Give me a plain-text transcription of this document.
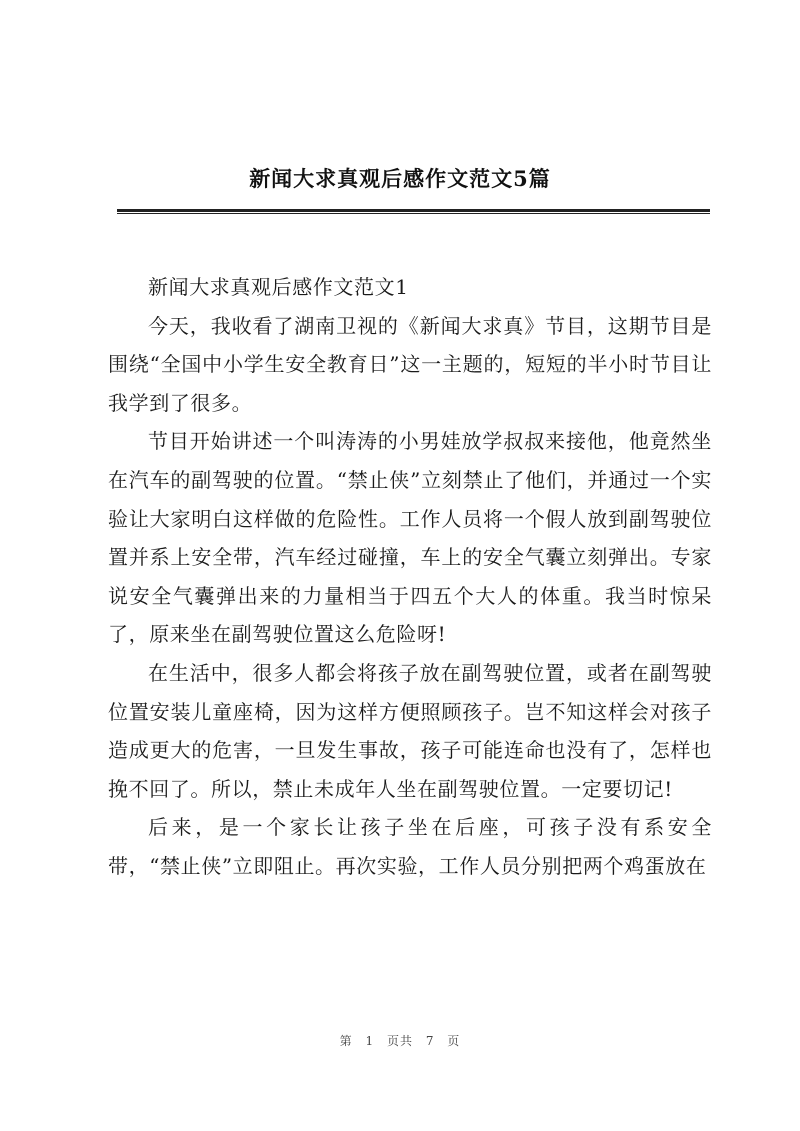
新闻大求真观后感作文范文5篇

新闻大求真观后感作文范文1

今天，我收看了湖南卫视的《新闻大求真》节目，这期节目是围绕“全国中小学生安全教育日”这一主题的，短短的半小时节目让我学到了很多。

节目开始讲述一个叫涛涛的小男娃放学叔叔来接他，他竟然坐在汽车的副驾驶的位置。“禁止侠”立刻禁止了他们，并通过一个实验让大家明白这样做的危险性。工作人员将一个假人放到副驾驶位置并系上安全带，汽车经过碰撞，车上的安全气囊立刻弹出。专家说安全气囊弹出来的力量相当于四五个大人的体重。我当时惊呆了，原来坐在副驾驶位置这么危险呀!

在生活中，很多人都会将孩子放在副驾驶位置，或者在副驾驶位置安装儿童座椅，因为这样方便照顾孩子。岂不知这样会对孩子造成更大的危害，一旦发生事故，孩子可能连命也没有了，怎样也挽不回了。所以，禁止未成年人坐在副驾驶位置。一定要切记!

后来，是一个家长让孩子坐在后座，可孩子没有系安全带，“禁止侠”立即阻止。再次实验，工作人员分别把两个鸡蛋放在

第 1 页共 7 页
